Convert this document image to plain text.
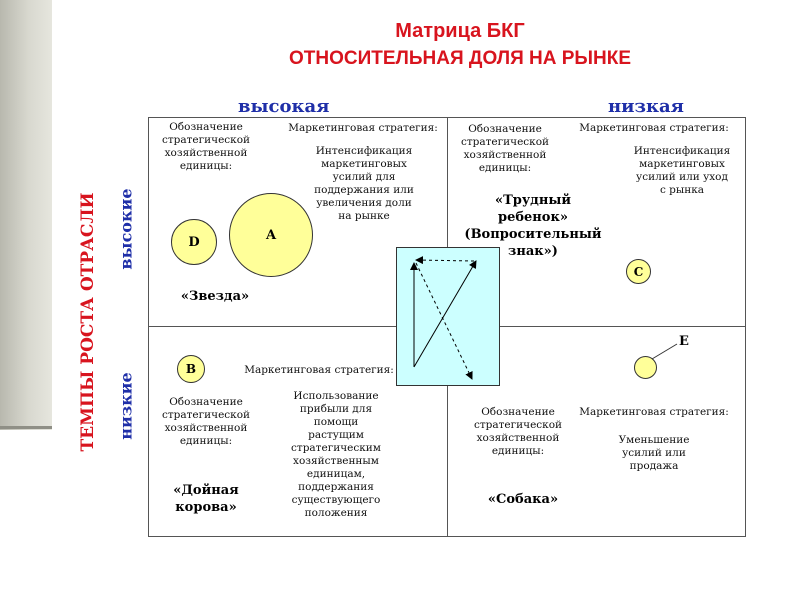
Матрица БКГ
ОТНОСИТЕЛЬНАЯ ДОЛЯ НА РЫНКЕ
высокая	низкая
ТЕМПЫ РОСТА ОТРАСЛИ высокие
низкие
Обозначение стратегической хозяйственной единицы:
Маркетинговая стратегия:
Интенсификация маркетинговых усилий для поддержания или увеличения доли на рынке
D	A
«Звезда»
Обозначение стратегической хозяйственной единицы:
Маркетинговая стратегия:
Интенсификация маркетинговых усилий или уход с рынка
«Трудный ребенок» (Вопросительный знак»)
C
B	Маркетинговая стратегия:
Обозначение стратегической хозяйственной единицы:
Использование прибыли для помощи растущим стратегическим хозяйственным единицам, поддержания существующего положения
«Дойная корова»
E
Обозначение стратегической хозяйственной единицы:
Маркетинговая стратегия:
Уменьшение усилий или продажа
«Собака»
